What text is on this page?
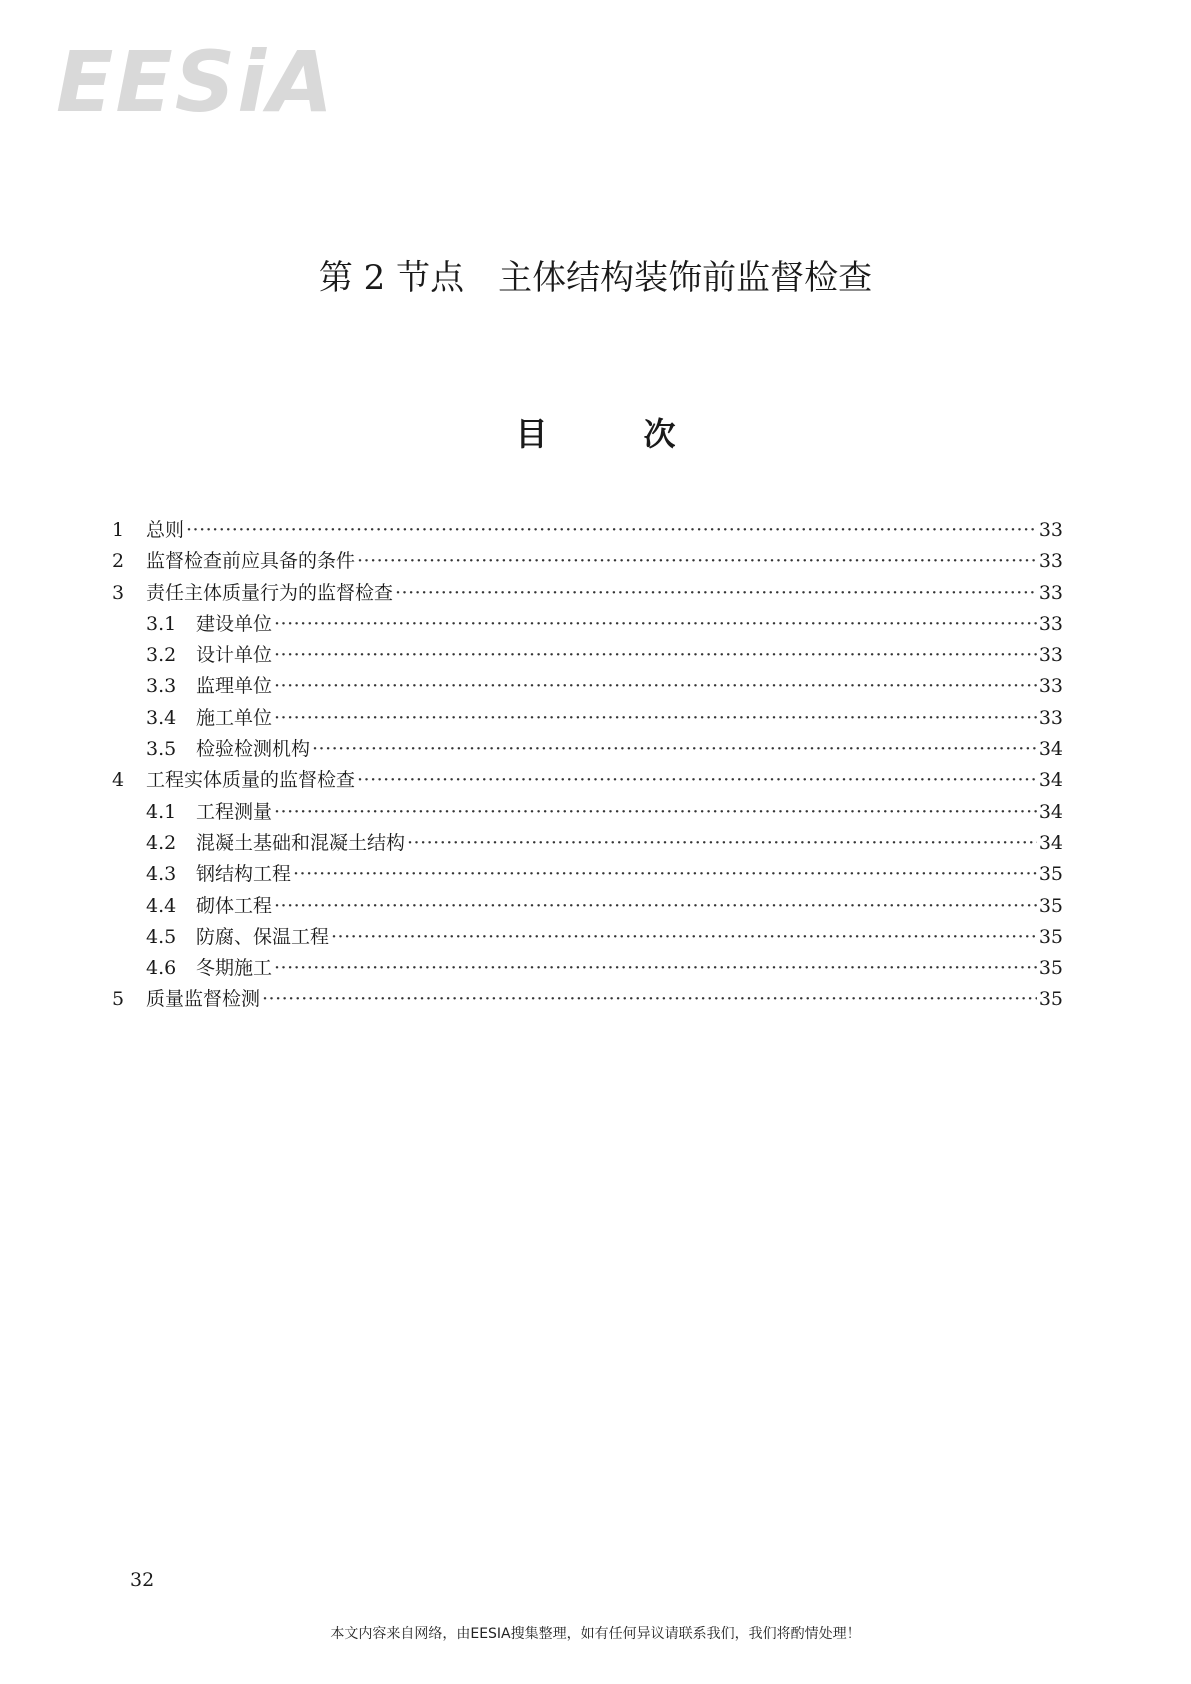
EESiA
第 2 节点　主体结构装饰前监督检查
目　　　次
1	总则 ·····	33
2	监督检查前应具备的条件 ·····	33
3	责任主体质量行为的监督检查 ·····	33
3.1	建设单位 ·····	33
3.2	设计单位 ·····	33
3.3	监理单位 ·····	33
3.4	施工单位 ·····	33
3.5	检验检测机构 ·····	34
4	工程实体质量的监督检查 ·····	34
4.1	工程测量 ·····	34
4.2	混凝土基础和混凝土结构 ·····	34
4.3	钢结构工程 ·····	35
4.4	砌体工程 ·····	35
4.5	防腐、保温工程 ·····	35
4.6	冬期施工 ·····	35
5	质量监督检测 ·····	35
32
本文内容来自网络，由EESIA搜集整理，如有任何异议请联系我们，我们将酌情处理！
